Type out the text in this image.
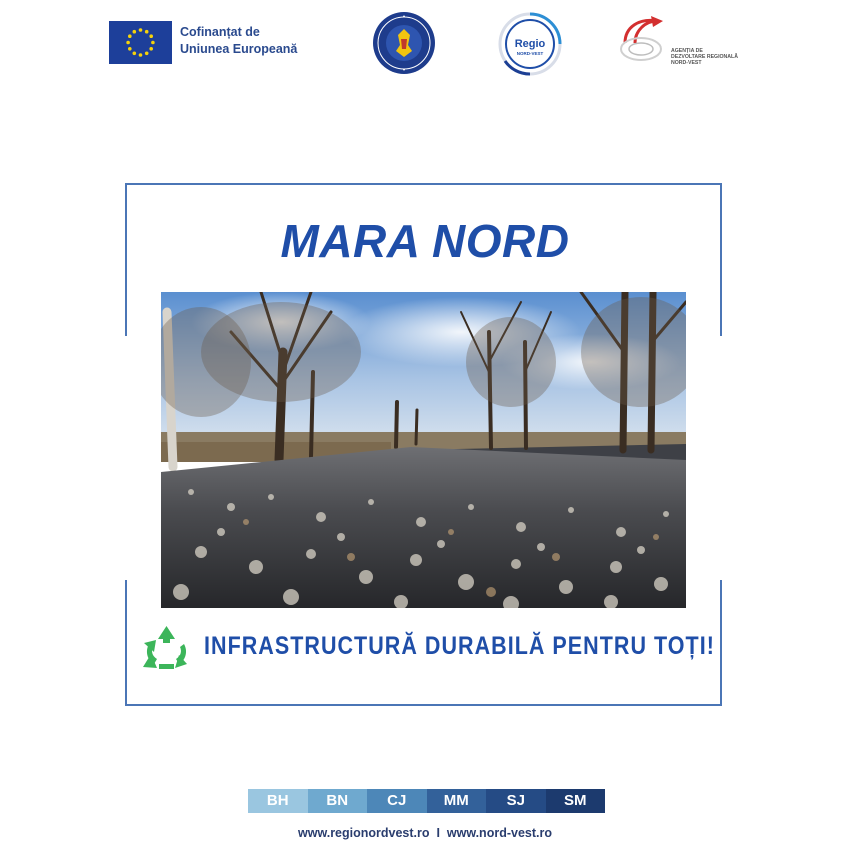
Cofinanțat de
Uniunea Europeană	Regio
NORD-VEST	AGENȚIA DE
DEZVOLTARE REGIONALĂ
NORD-VEST
MARA NORD
INFRASTRUCTURĂ DURABILĂ PENTRU TOȚI!
BH	BN	CJ	MM	SJ	SM
www.regionordvest.ro  I  www.nord-vest.ro
